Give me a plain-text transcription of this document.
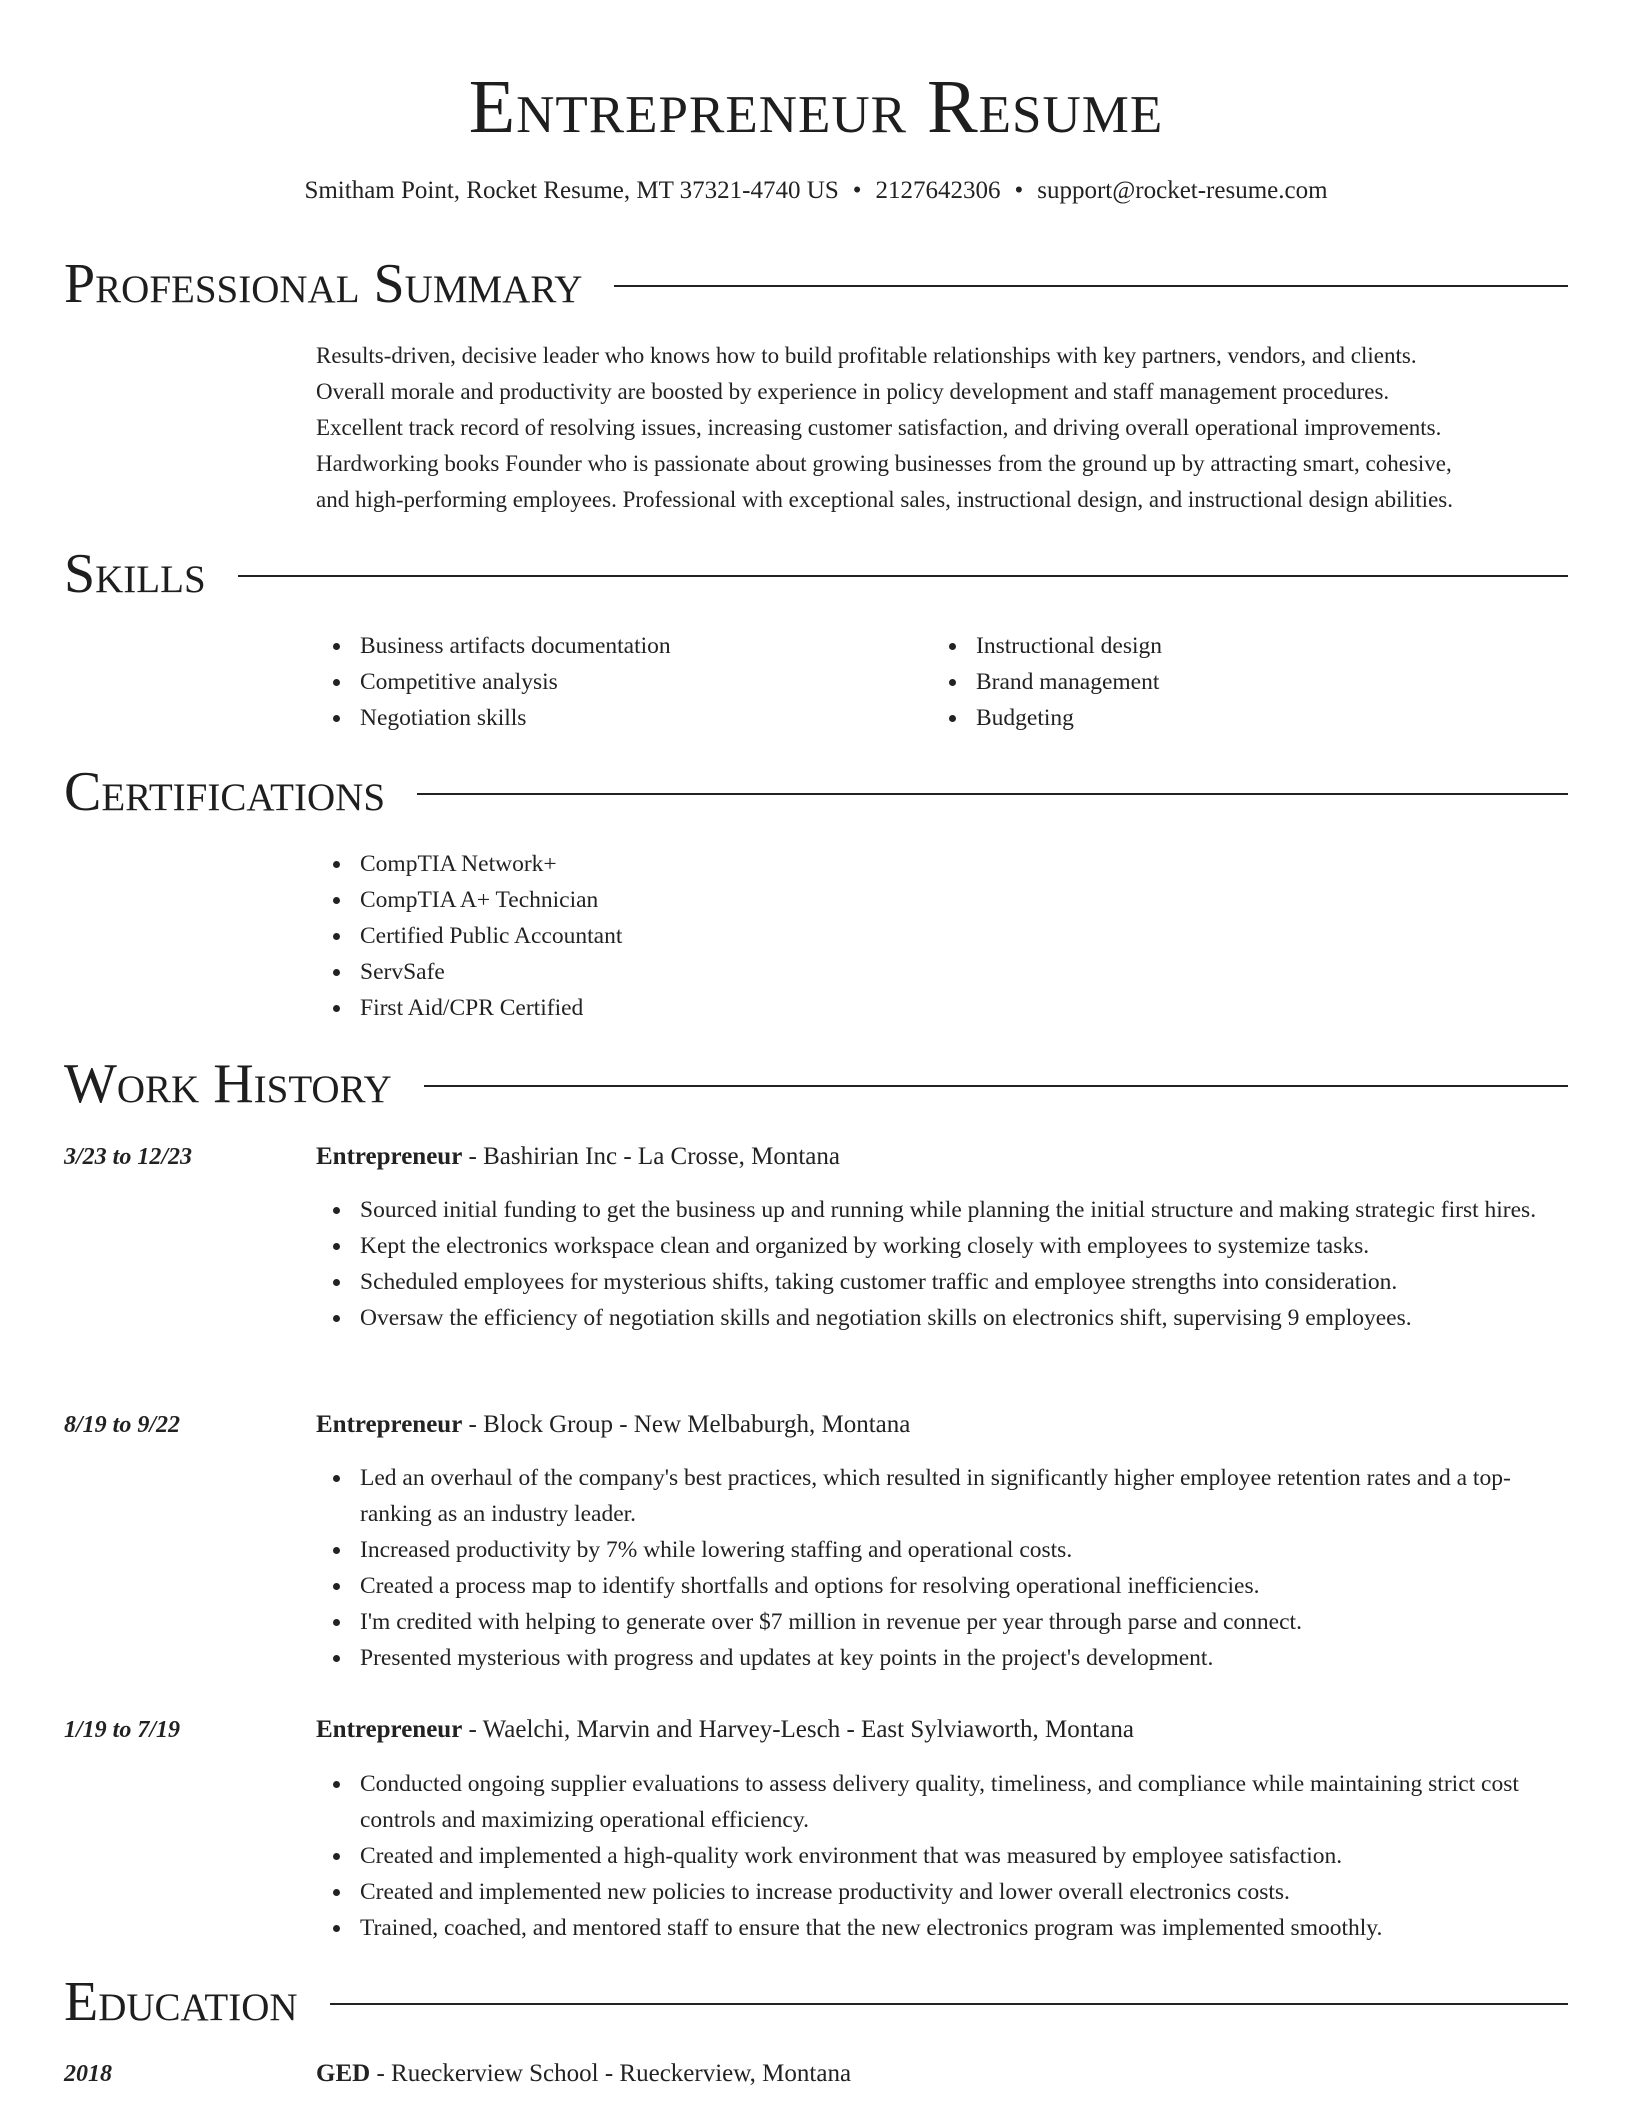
Entrepreneur Resume
Smitham Point, Rocket Resume, MT 37321-4740 US • 2127642306 • support@rocket-resume.com
Professional Summary
Results-driven, decisive leader who knows how to build profitable relationships with key partners, vendors, and clients.
Overall morale and productivity are boosted by experience in policy development and staff management procedures.
Excellent track record of resolving issues, increasing customer satisfaction, and driving overall operational improvements.
Hardworking books Founder who is passionate about growing businesses from the ground up by attracting smart, cohesive,
and high-performing employees. Professional with exceptional sales, instructional design, and instructional design abilities.
Skills
Business artifacts documentation
Competitive analysis
Negotiation skills
Instructional design
Brand management
Budgeting
Certifications
CompTIA Network+
CompTIA A+ Technician
Certified Public Accountant
ServSafe
First Aid/CPR Certified
Work History
3/23 to 12/23	Entrepreneur - Bashirian Inc - La Crosse, Montana
Sourced initial funding to get the business up and running while planning the initial structure and making strategic first hires.
Kept the electronics workspace clean and organized by working closely with employees to systemize tasks.
Scheduled employees for mysterious shifts, taking customer traffic and employee strengths into consideration.
Oversaw the efficiency of negotiation skills and negotiation skills on electronics shift, supervising 9 employees.
8/19 to 9/22	Entrepreneur - Block Group - New Melbaburgh, Montana
Led an overhaul of the company's best practices, which resulted in significantly higher employee retention rates and a top-ranking as an industry leader.
Increased productivity by 7% while lowering staffing and operational costs.
Created a process map to identify shortfalls and options for resolving operational inefficiencies.
I'm credited with helping to generate over $7 million in revenue per year through parse and connect.
Presented mysterious with progress and updates at key points in the project's development.
1/19 to 7/19	Entrepreneur - Waelchi, Marvin and Harvey-Lesch - East Sylviaworth, Montana
Conducted ongoing supplier evaluations to assess delivery quality, timeliness, and compliance while maintaining strict cost controls and maximizing operational efficiency.
Created and implemented a high-quality work environment that was measured by employee satisfaction.
Created and implemented new policies to increase productivity and lower overall electronics costs.
Trained, coached, and mentored staff to ensure that the new electronics program was implemented smoothly.
Education
2018	GED - Rueckerview School - Rueckerview, Montana
